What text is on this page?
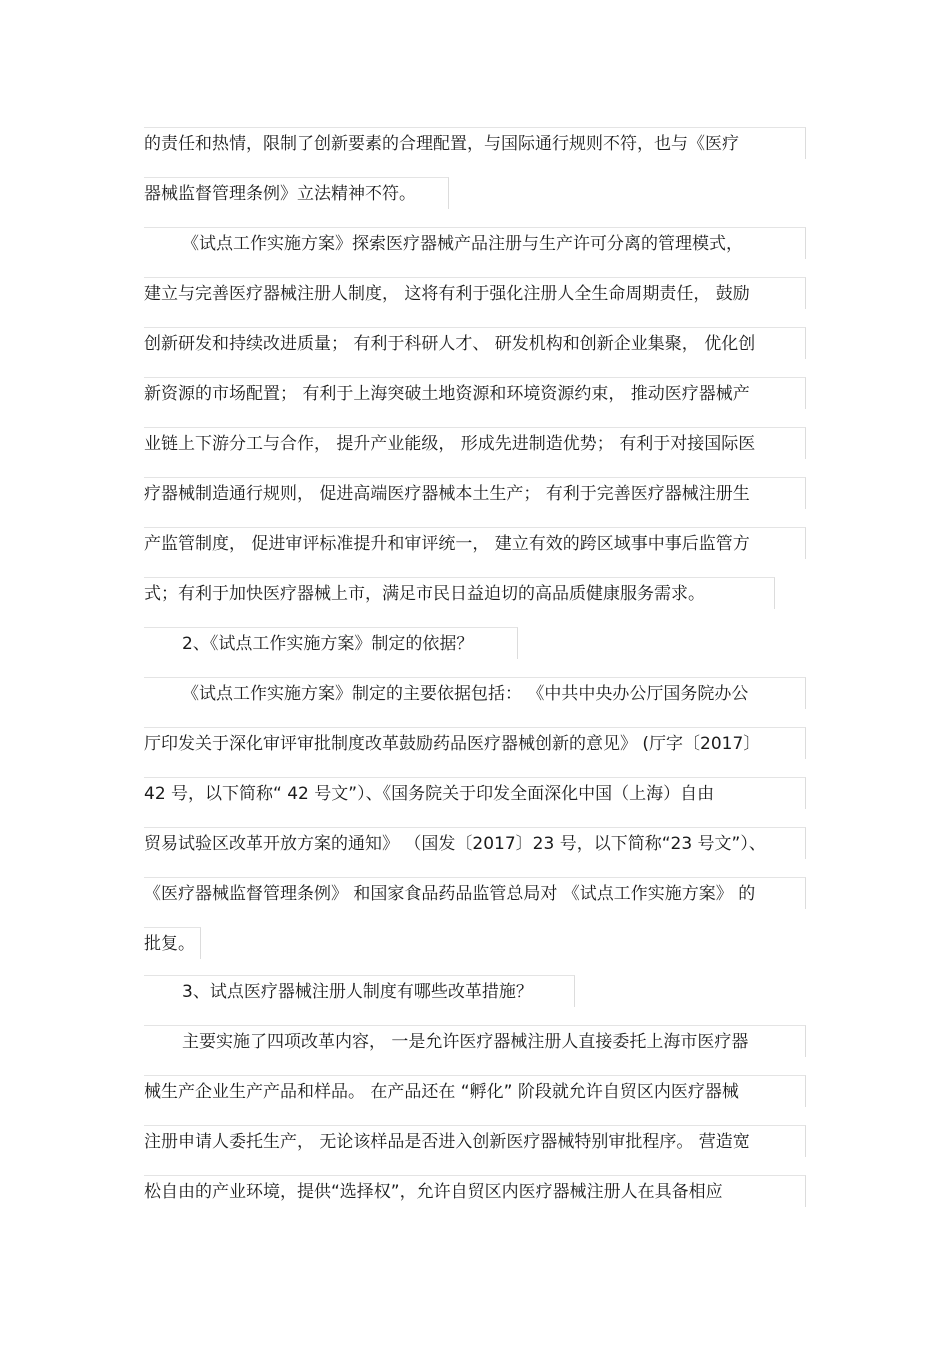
的责任和热情，限制了创新要素的合理配置，与国际通行规则不符，也与《医疗
器械监督管理条例》立法精神不符。
《试点工作实施方案》探索医疗器械产品注册与生产许可分离的管理模式，
建立与完善医疗器械注册人制度， 这将有利于强化注册人全生命周期责任， 鼓励
创新研发和持续改进质量； 有利于科研人才、 研发机构和创新企业集聚， 优化创
新资源的市场配置； 有利于上海突破土地资源和环境资源约束， 推动医疗器械产
业链上下游分工与合作， 提升产业能级， 形成先进制造优势； 有利于对接国际医
疗器械制造通行规则， 促进高端医疗器械本土生产； 有利于完善医疗器械注册生
产监管制度， 促进审评标准提升和审评统一， 建立有效的跨区域事中事后监管方
式；有利于加快医疗器械上市，满足市民日益迫切的高品质健康服务需求。
2、《试点工作实施方案》制定的依据？
《试点工作实施方案》制定的主要依据包括： 《中共中央办公厅国务院办公
厅印发关于深化审评审批制度改革鼓励药品医疗器械创新的意见》 (厅字〔2017〕
42 号，以下简称“ 42 号文”）、《国务院关于印发全面深化中国（上海）自由
贸易试验区改革开放方案的通知》 （国发〔2017〕23 号，以下简称“23 号文”）、
《医疗器械监督管理条例》 和国家食品药品监管总局对 《试点工作实施方案》 的
批复。
3、试点医疗器械注册人制度有哪些改革措施？
主要实施了四项改革内容， 一是允许医疗器械注册人直接委托上海市医疗器
械生产企业生产产品和样品。 在产品还在 “孵化” 阶段就允许自贸区内医疗器械
注册申请人委托生产， 无论该样品是否进入创新医疗器械特别审批程序。 营造宽
松自由的产业环境，提供“选择权”，允许自贸区内医疗器械注册人在具备相应
